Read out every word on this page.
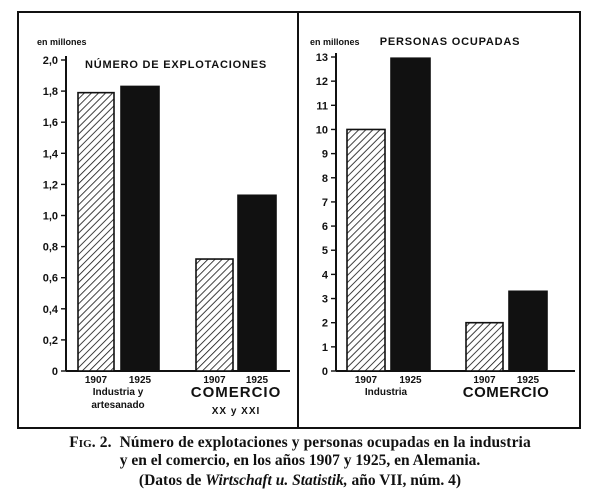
en millones
NÚMERO DE EXPLOTACIONES
0
0,2
0,4
0,6
0,8
1,0
1,2
1,4
1,6
1,8
2,0
1907 1925
Industria y
artesanado
1907 1925
COMERCIO
XX y XXI
en millones PERSONAS OCUPADAS
0
1
2
3
4
5
6
7
8
9
10
11
12
13
1907 1925
Industria
1907 1925
COMERCIO
Fig. 2. Número de explotaciones y personas ocupadas en la industria
y en el comercio, en los años 1907 y 1925, en Alemania.
(Datos de Wirtschaft u. Statistik, año VII, núm. 4)
